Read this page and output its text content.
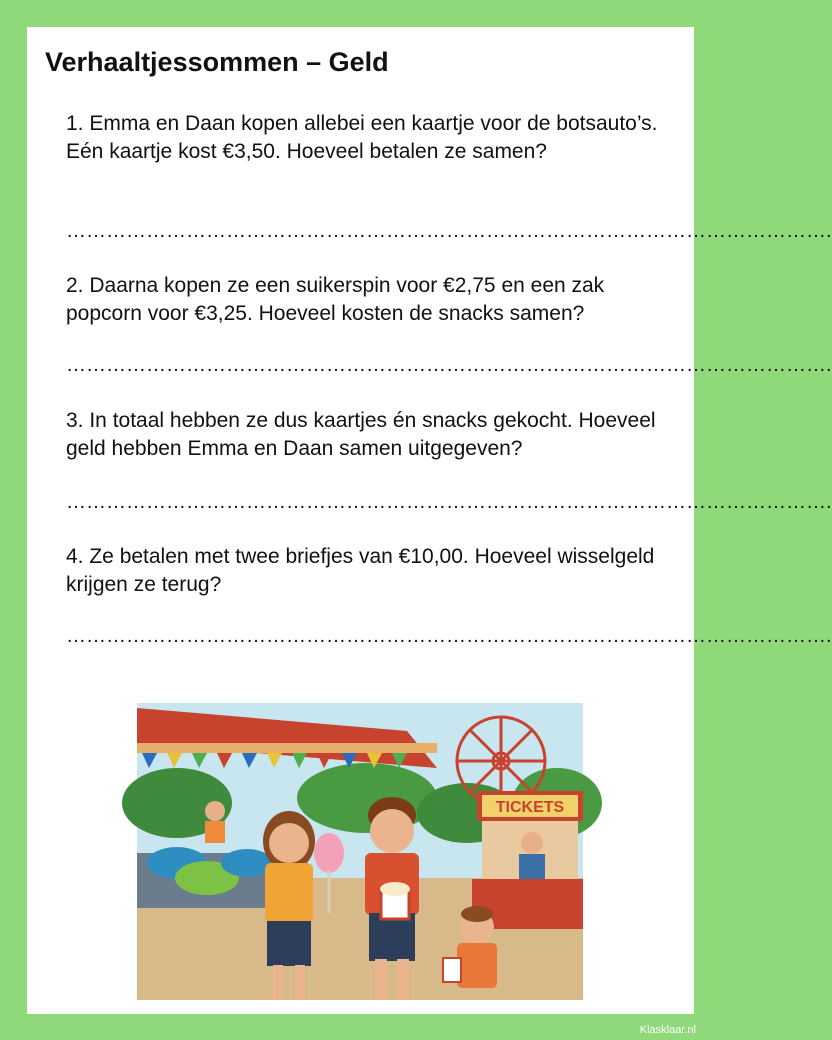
Verhaaltjessommen – Geld
1. Emma en Daan kopen allebei een kaartje voor de botsauto’s. Eén kaartje kost €3,50. Hoeveel betalen ze samen?
…………………………………………………………………………………………………….
2. Daarna kopen ze een suikerspin voor €2,75 en een zak popcorn voor €3,25. Hoeveel kosten de snacks samen?
…………………………………………………………………………………………………….
3. In totaal hebben ze dus kaartjes én snacks gekocht. Hoeveel geld hebben Emma en Daan samen uitgegeven?
…………………………………………………………………………………………………….
4. Ze betalen met twee briefjes van €10,00. Hoeveel wisselgeld krijgen ze terug?
…………………………………………………………………………………………………….
TICKETS
Klasklaar.nl
